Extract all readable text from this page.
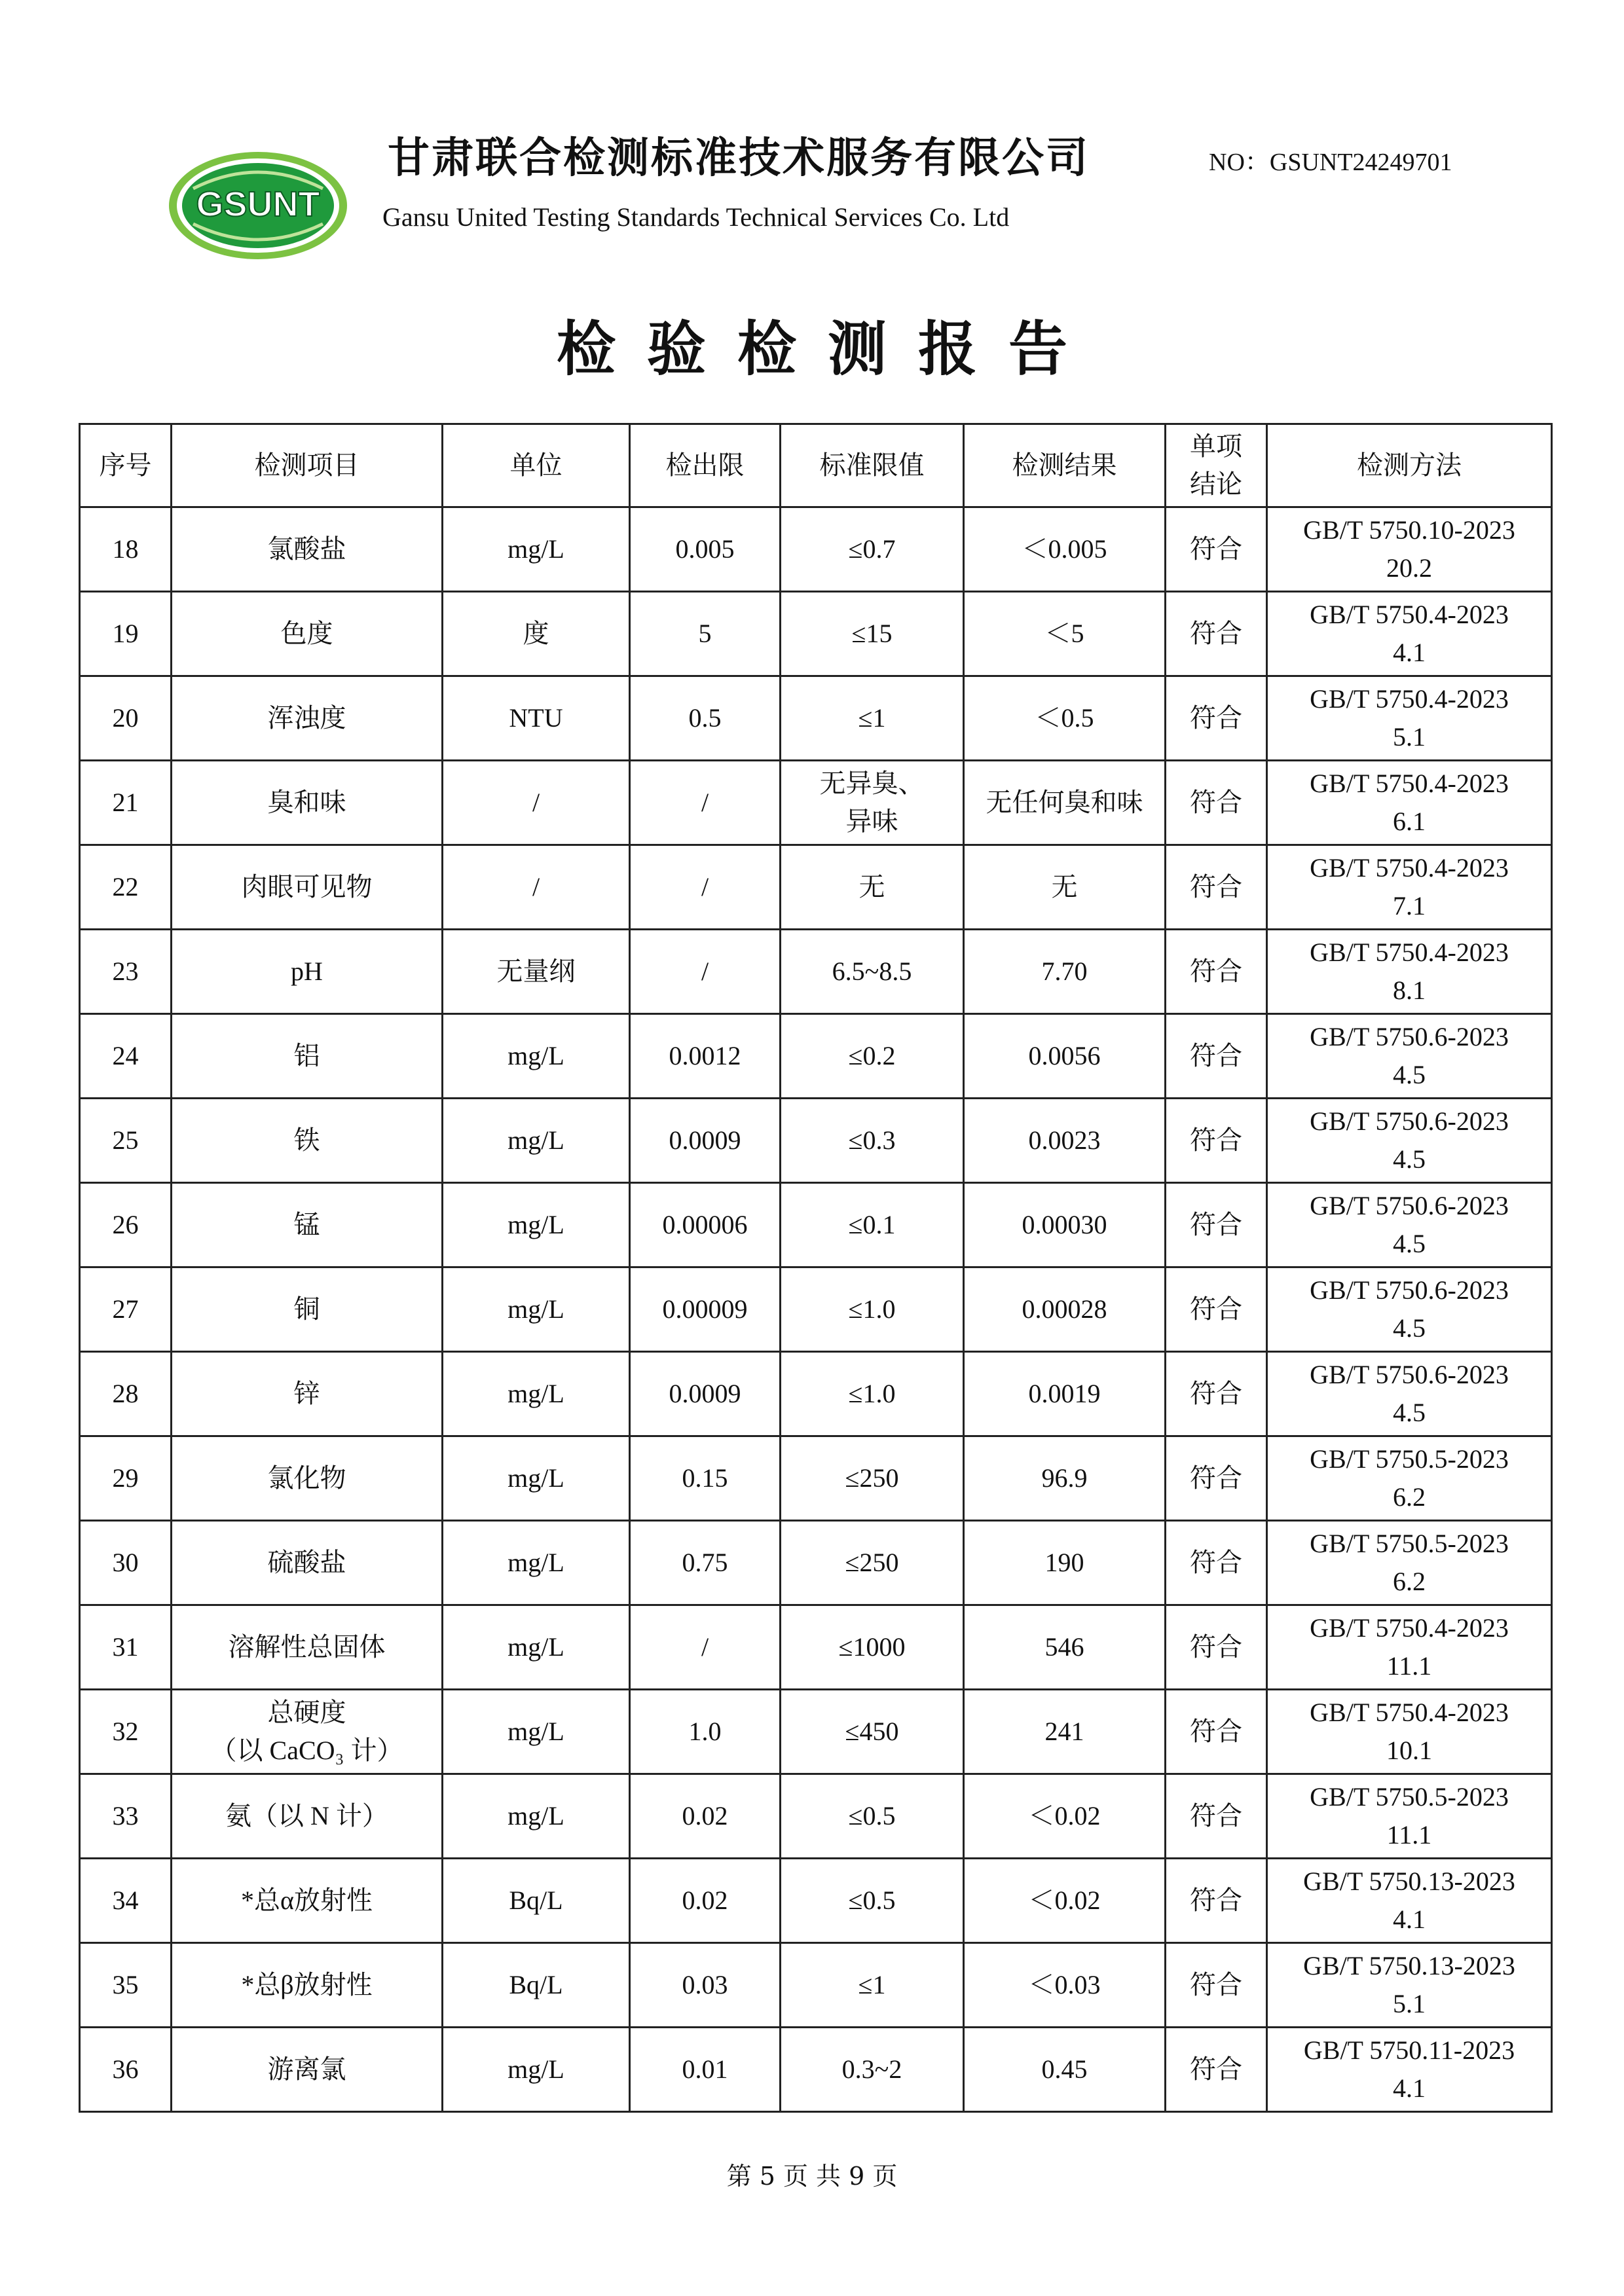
GSUNT
甘肃联合检测标准技术服务有限公司
Gansu United Testing Standards Technical Services Co. Ltd
NO：GSUNT24249701
检验检测报告
序号	检测项目	单位	检出限	标准限值	检测结果	单项
结论	检测方法
18	氯酸盐	mg/L	0.005	≤0.7	＜0.005	符合	GB/T 5750.10-2023
20.2
19	色度	度	5	≤15	＜5	符合	GB/T 5750.4-2023
4.1
20	浑浊度	NTU	0.5	≤1	＜0.5	符合	GB/T 5750.4-2023
5.1
21	臭和味	/	/	无异臭、
异味	无任何臭和味	符合	GB/T 5750.4-2023
6.1
22	肉眼可见物	/	/	无	无	符合	GB/T 5750.4-2023
7.1
23	pH	无量纲	/	6.5~8.5	7.70	符合	GB/T 5750.4-2023
8.1
24	铝	mg/L	0.0012	≤0.2	0.0056	符合	GB/T 5750.6-2023
4.5
25	铁	mg/L	0.0009	≤0.3	0.0023	符合	GB/T 5750.6-2023
4.5
26	锰	mg/L	0.00006	≤0.1	0.00030	符合	GB/T 5750.6-2023
4.5
27	铜	mg/L	0.00009	≤1.0	0.00028	符合	GB/T 5750.6-2023
4.5
28	锌	mg/L	0.0009	≤1.0	0.0019	符合	GB/T 5750.6-2023
4.5
29	氯化物	mg/L	0.15	≤250	96.9	符合	GB/T 5750.5-2023
6.2
30	硫酸盐	mg/L	0.75	≤250	190	符合	GB/T 5750.5-2023
6.2
31	溶解性总固体	mg/L	/	≤1000	546	符合	GB/T 5750.4-2023
11.1
32	总硬度
（以 CaCO₃ 计）	mg/L	1.0	≤450	241	符合	GB/T 5750.4-2023
10.1
33	氨（以 N 计）	mg/L	0.02	≤0.5	＜0.02	符合	GB/T 5750.5-2023
11.1
34	*总α放射性	Bq/L	0.02	≤0.5	＜0.02	符合	GB/T 5750.13-2023
4.1
35	*总β放射性	Bq/L	0.03	≤1	＜0.03	符合	GB/T 5750.13-2023
5.1
36	游离氯	mg/L	0.01	0.3~2	0.45	符合	GB/T 5750.11-2023
4.1
第 5 页 共 9 页
